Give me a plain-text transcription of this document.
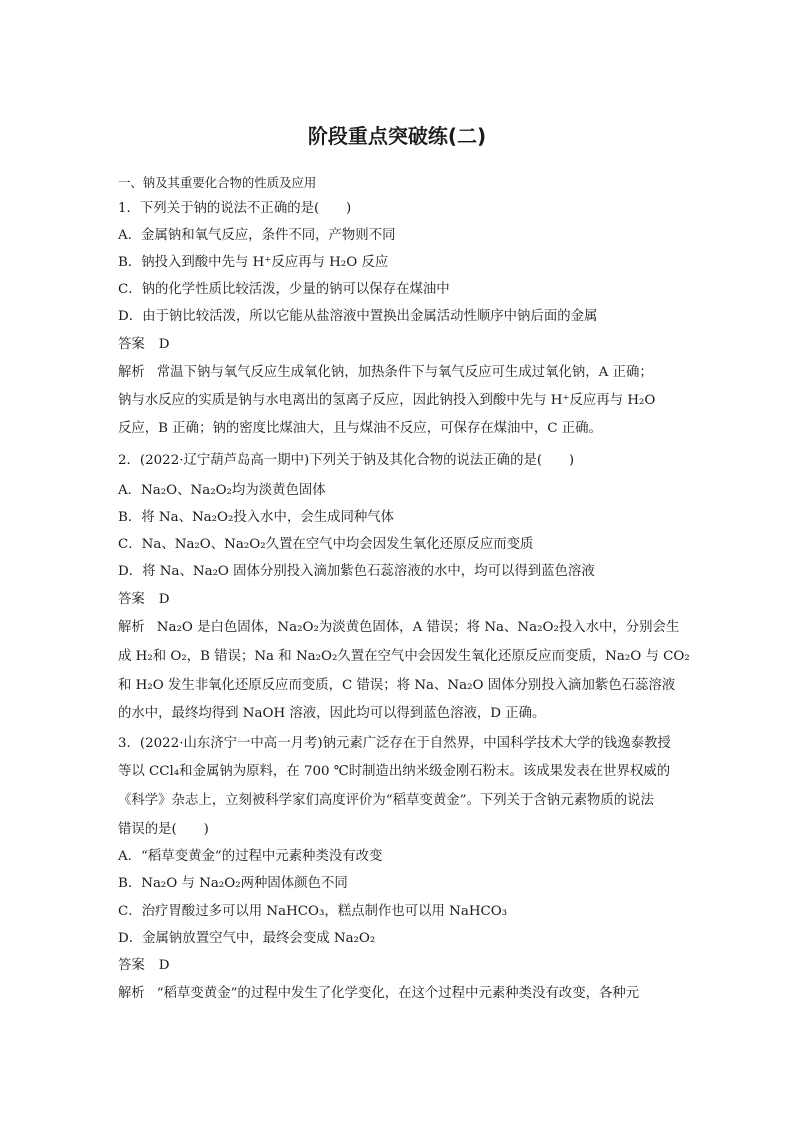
阶段重点突破练(二)
一、钠及其重要化合物的性质及应用
1．下列关于钠的说法不正确的是(　　)
A．金属钠和氧气反应，条件不同，产物则不同
B．钠投入到酸中先与 H⁺反应再与 H₂O 反应
C．钠的化学性质比较活泼，少量的钠可以保存在煤油中
D．由于钠比较活泼，所以它能从盐溶液中置换出金属活动性顺序中钠后面的金属
答案 D
解析 常温下钠与氧气反应生成氧化钠，加热条件下与氧气反应可生成过氧化钠，A 正确；
钠与水反应的实质是钠与水电离出的氢离子反应，因此钠投入到酸中先与 H⁺反应再与 H₂O
反应，B 正确；钠的密度比煤油大，且与煤油不反应，可保存在煤油中，C 正确。
2．(2022·辽宁葫芦岛高一期中)下列关于钠及其化合物的说法正确的是(　　)
A．Na₂O、Na₂O₂均为淡黄色固体
B．将 Na、Na₂O₂投入水中，会生成同种气体
C．Na、Na₂O、Na₂O₂久置在空气中均会因发生氧化还原反应而变质
D．将 Na、Na₂O 固体分别投入滴加紫色石蕊溶液的水中，均可以得到蓝色溶液
答案 D
解析 Na₂O 是白色固体，Na₂O₂为淡黄色固体，A 错误；将 Na、Na₂O₂投入水中，分别会生
成 H₂和 O₂，B 错误；Na 和 Na₂O₂久置在空气中会因发生氧化还原反应而变质，Na₂O 与 CO₂
和 H₂O 发生非氧化还原反应而变质，C 错误；将 Na、Na₂O 固体分别投入滴加紫色石蕊溶液
的水中，最终均得到 NaOH 溶液，因此均可以得到蓝色溶液，D 正确。
3．(2022·山东济宁一中高一月考)钠元素广泛存在于自然界，中国科学技术大学的钱逸泰教授
等以 CCl₄和金属钠为原料，在 700 ℃时制造出纳米级金刚石粉末。该成果发表在世界权威的
《科学》杂志上，立刻被科学家们高度评价为“稻草变黄金”。下列关于含钠元素物质的说法
错误的是(　　)
A．“稻草变黄金”的过程中元素种类没有改变
B．Na₂O 与 Na₂O₂两种固体颜色不同
C．治疗胃酸过多可以用 NaHCO₃，糕点制作也可以用 NaHCO₃
D．金属钠放置空气中，最终会变成 Na₂O₂
答案 D
解析 “稻草变黄金”的过程中发生了化学变化，在这个过程中元素种类没有改变，各种元
